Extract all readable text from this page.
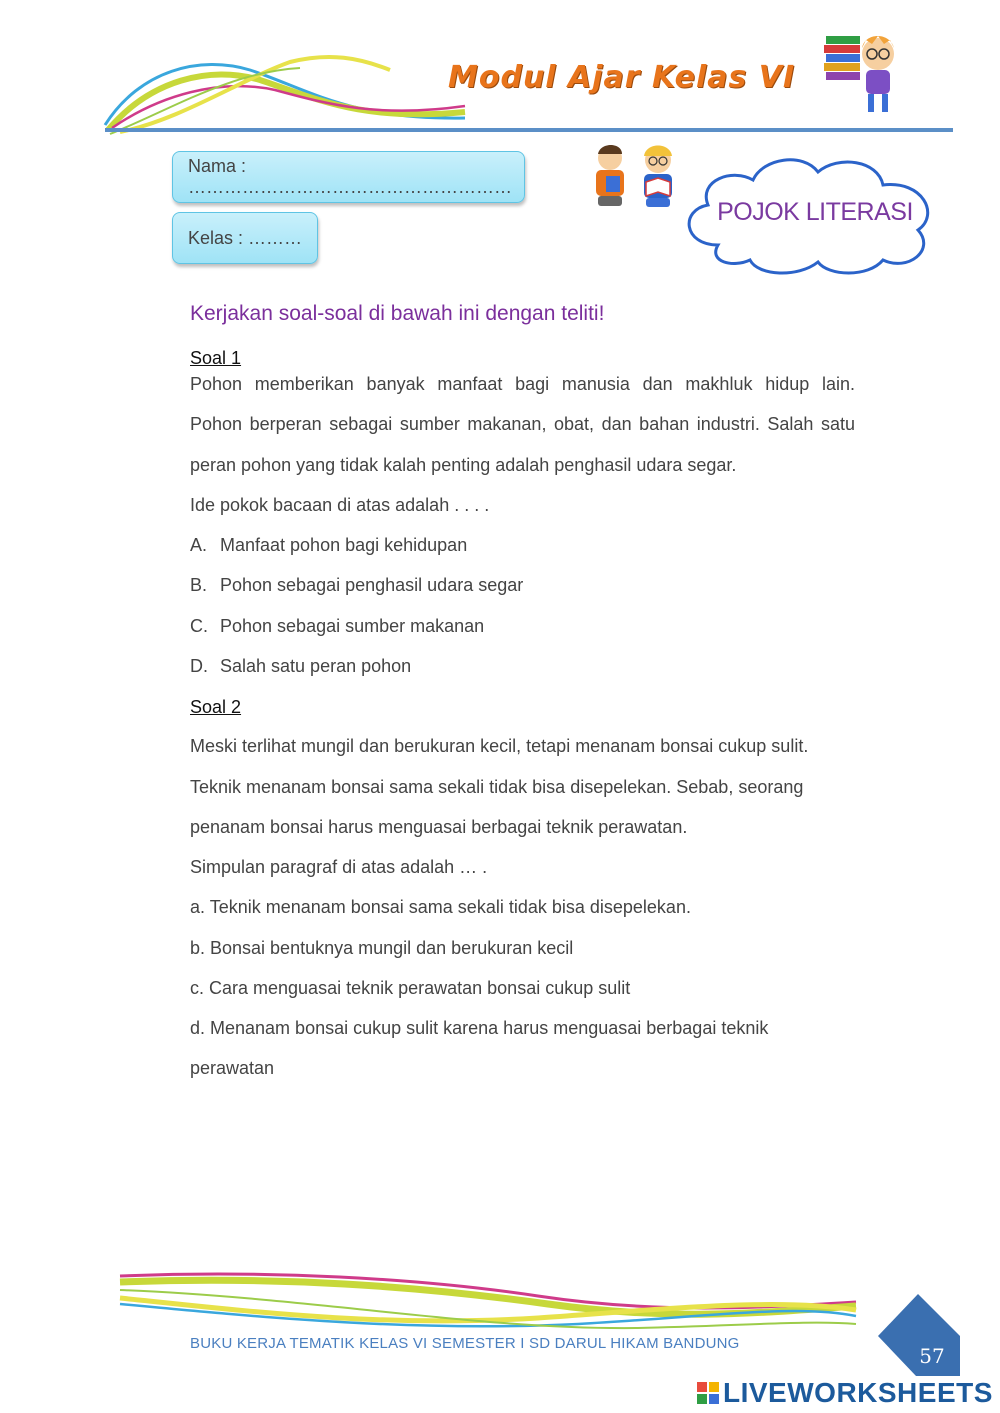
Modul Ajar Kelas VI
Nama : ………………………………………………
Kelas : ………
POJOK LITERASI
Kerjakan soal-soal di bawah ini dengan teliti!
Soal 1
Pohon memberikan banyak manfaat bagi manusia dan makhluk hidup lain.
Pohon berperan sebagai sumber makanan, obat, dan bahan industri. Salah satu
peran pohon yang tidak kalah penting adalah penghasil udara segar.
Ide pokok bacaan di atas adalah . . . .
A. Manfaat pohon bagi kehidupan
B. Pohon sebagai penghasil udara segar
C. Pohon sebagai sumber makanan
D. Salah satu peran pohon
Soal 2
Meski terlihat mungil dan berukuran kecil, tetapi menanam bonsai cukup sulit.
Teknik menanam bonsai sama sekali tidak bisa disepelekan. Sebab, seorang
penanam bonsai harus menguasai berbagai teknik perawatan.
Simpulan paragraf di atas adalah … .
a. Teknik menanam bonsai sama sekali tidak bisa disepelekan.
b. Bonsai bentuknya mungil dan berukuran kecil
c. Cara menguasai teknik perawatan bonsai cukup sulit
d. Menanam bonsai cukup sulit karena harus menguasai berbagai teknik
perawatan
BUKU KERJA TEMATIK KELAS VI SEMESTER I SD DARUL HIKAM BANDUNG
57
LIVEWORKSHEETS
